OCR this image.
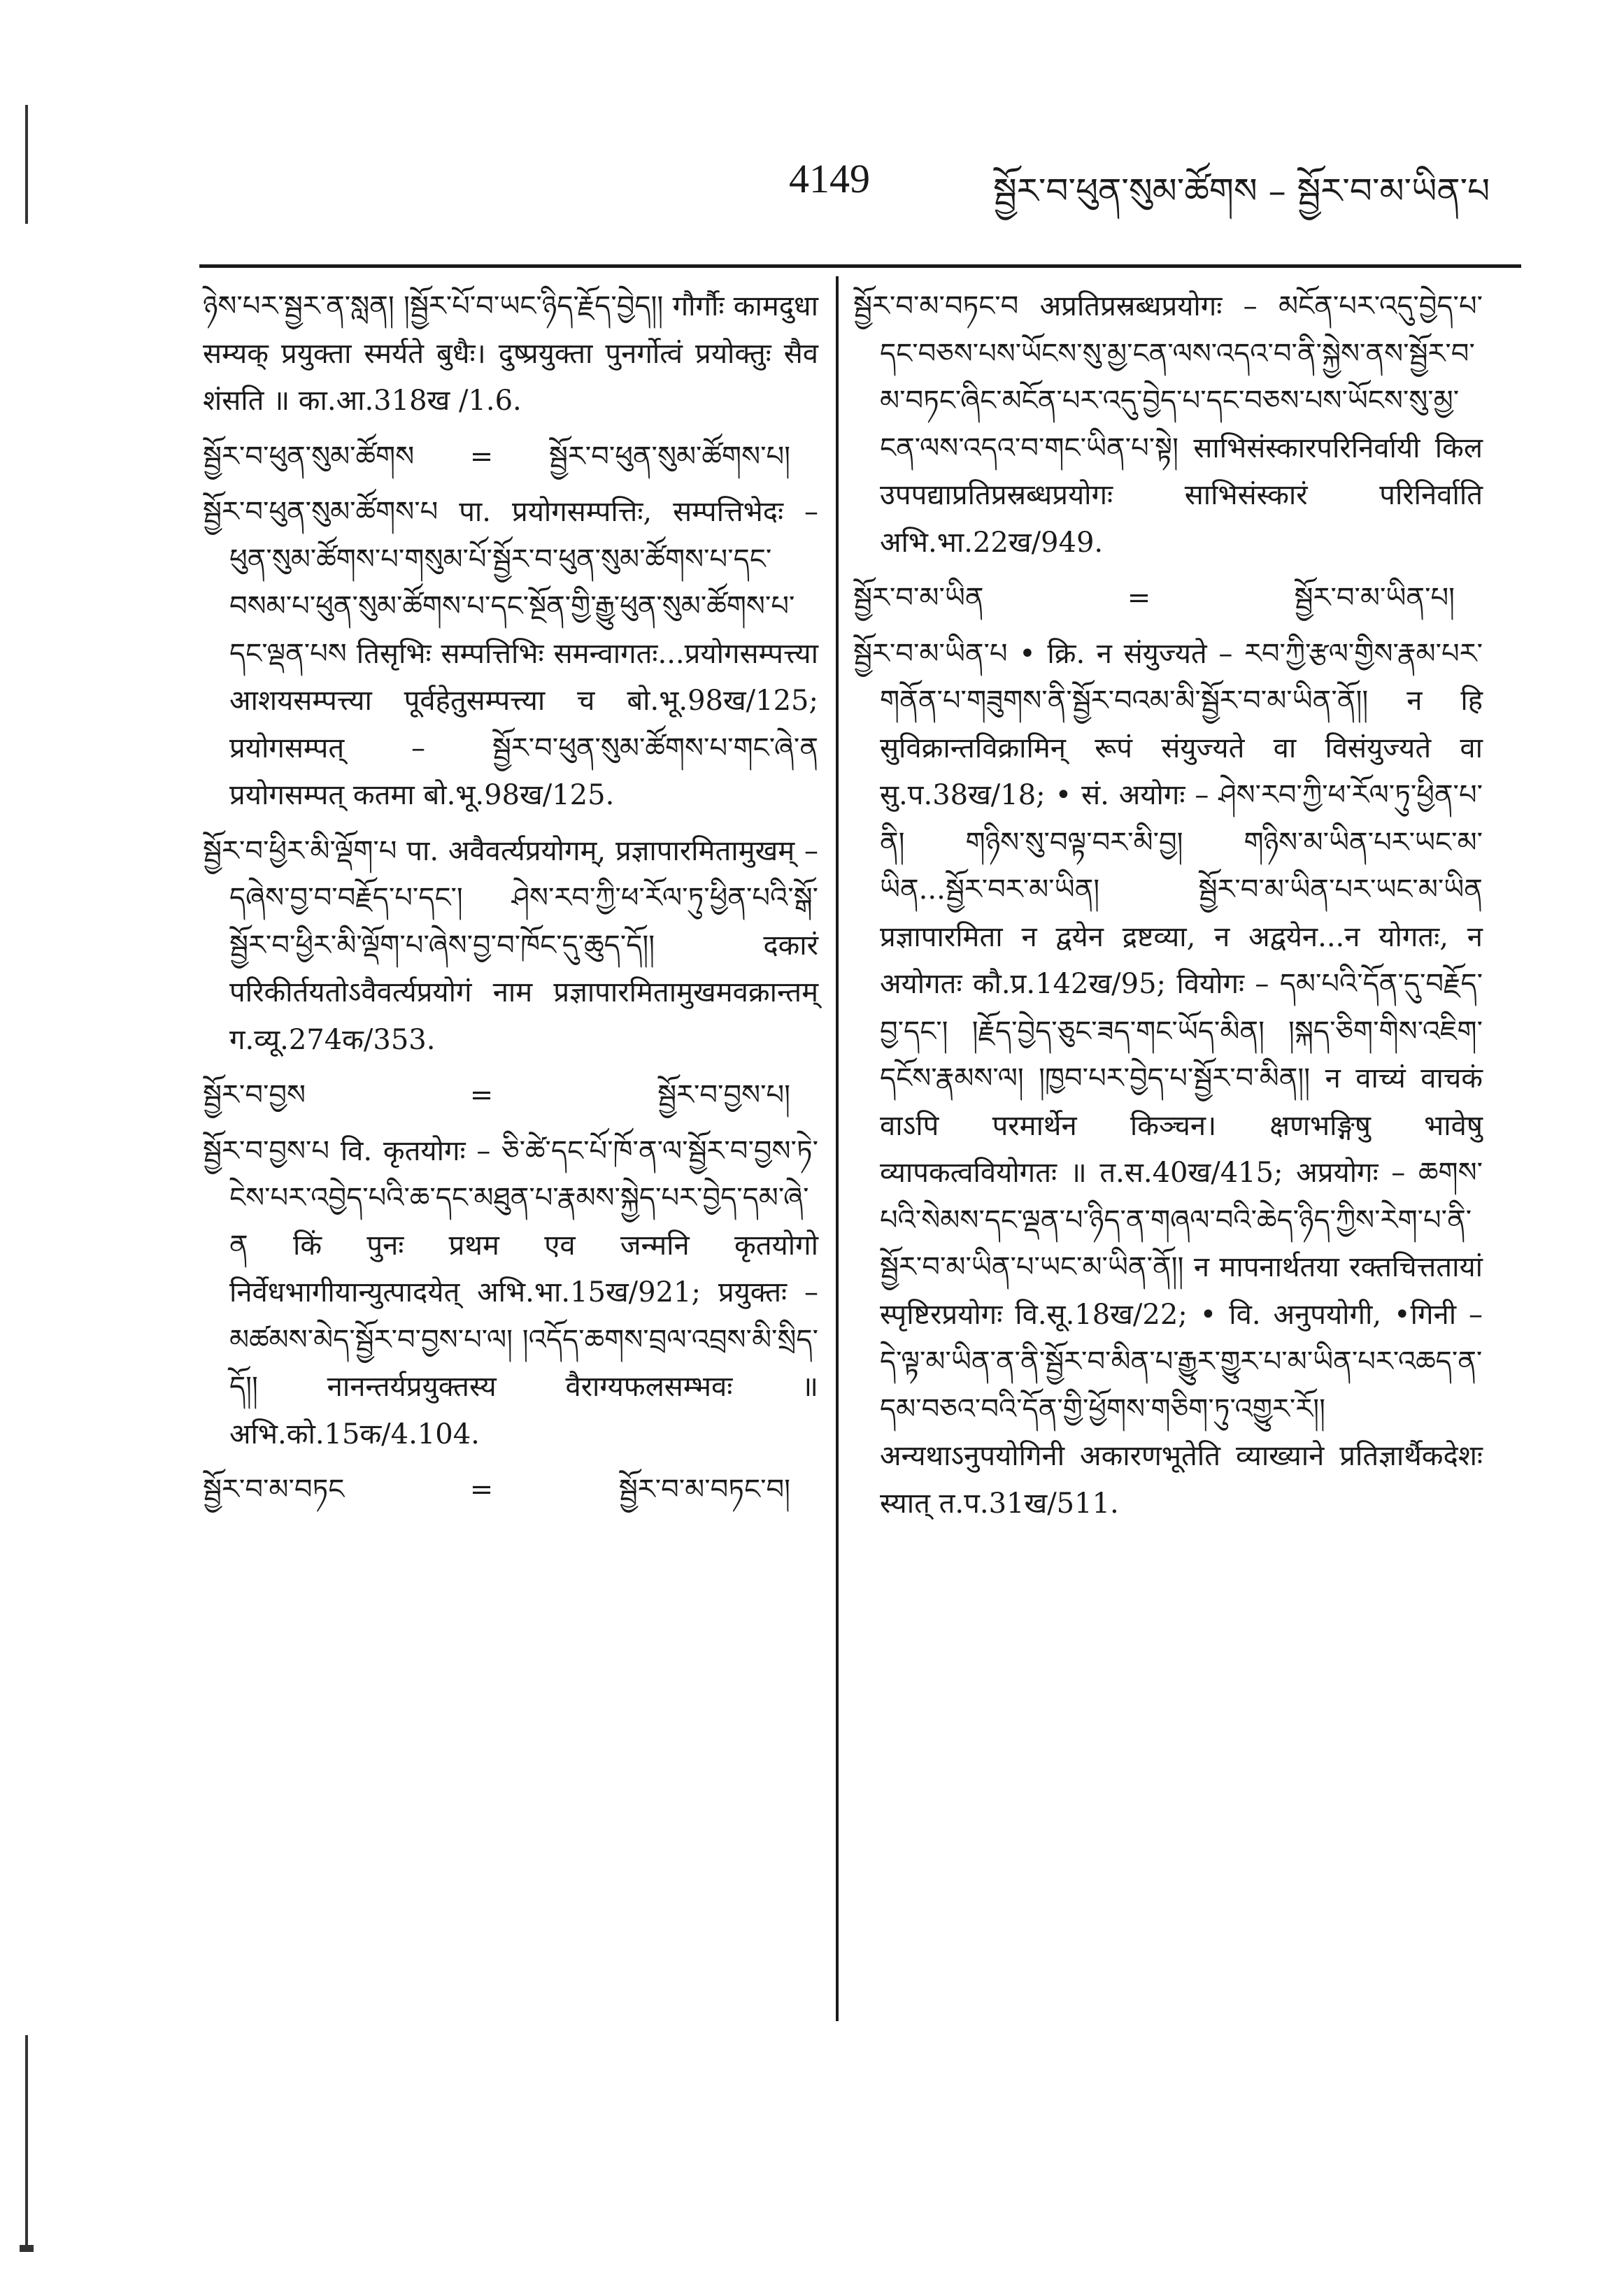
4149	སྦྱོར་བ་ཕུན་སུམ་ཚོགས – སྦྱོར་བ་མ་ཡིན་པ

ཉེས་པར་སྦྱར་ན་སླན། །སྦྱོར་པོ་བ་ཡང་ཉིད་རྗོད་བྱེད།། गौर्गौः कामदुधा सम्यक् प्रयुक्ता स्मर्यते बुधैः। दुष्प्रयुक्ता पुनर्गोत्वं प्रयोक्तुः सैव शंसति ॥ का.आ.318ख /1.6.

སྦྱོར་བ་ཕུན་སུམ་ཚོགས = སྦྱོར་བ་ཕུན་སུམ་ཚོགས་པ།

སྦྱོར་བ་ཕུན་སུམ་ཚོགས་པ पा. प्रयोगसम्पत्तिः, सम्पत्तिभेदः – ཕུན་སུམ་ཚོགས་པ་གསུམ་པོ་སྦྱོར་བ་ཕུན་སུམ་ཚོགས་པ་དང་བསམ་པ་ཕུན་སུམ་ཚོགས་པ་དང་སྔོན་གྱི་རྒྱུ་ཕུན་སུམ་ཚོགས་པ་དང་ལྡན་པས तिसृभिः सम्पत्तिभिः समन्वागतः...प्रयोगसम्पत्त्या आशयसम्पत्त्या पूर्वहेतुसम्पत्त्या च बो.भू.98ख/125; प्रयोगसम्पत् – སྦྱོར་བ་ཕུན་སུམ་ཚོགས་པ་གང་ཞེ་ན प्रयोगसम्पत् कतमा बो.भू.98ख/125.

སྦྱོར་བ་ཕྱིར་མི་ལྡོག་པ पा. अवैवर्त्यप्रयोगम्, प्रज्ञापारमितामुखम् – དཞེས་བྱ་བ་བརྗོད་པ་དང་། ཤེས་རབ་ཀྱི་ཕ་རོལ་ཏུ་ཕྱིན་པའི་སྒོ་སྦྱོར་བ་ཕྱིར་མི་ལྡོག་པ་ཞེས་བྱ་བ་ཁོང་དུ་ཆུད་དོ།། दकारं परिकीर्तयतोऽवैवर्त्यप्रयोगं नाम प्रज्ञापारमितामुखमवक्रान्तम् ग.व्यू.274क/353.

སྦྱོར་བ་བྱས	=	སྦྱོར་བ་བྱས་པ།

སྦྱོར་བ་བྱས་པ वि. कृतयोगः – ཅི་ཚེ་དང་པོ་ཁོ་ན་ལ་སྦྱོར་བ་བྱས་ཏེ་ངེས་པར་འབྱེད་པའི་ཆ་དང་མཐུན་པ་རྣམས་སྐྱེད་པར་བྱེད་དམ་ཞེ་ན किं पुनः प्रथम एव जन्मनि कृतयोगो निर्वेधभागीयान्युत्पादयेत् अभि.भा.15ख/921; प्रयुक्तः – མཚམས་མེད་སྦྱོར་བ་བྱས་པ་ལ། །འདོད་ཆགས་བྲལ་འབྲས་མི་སྲིད་དོ།། नानन्तर्यप्रयुक्तस्य वैराग्यफलसम्भवः ॥ अभि.को.15क/4.104.

སྦྱོར་བ་མ་བཏང	=	སྦྱོར་བ་མ་བཏང་བ།

སྦྱོར་བ་མ་བཏང་བ अप्रतिप्रस्रब्धप्रयोगः – མངོན་པར་འདུ་བྱེད་པ་དང་བཅས་པས་ཡོངས་སུ་མྱ་ངན་ལས་འདའ་བ་ནི་སྐྱེས་ནས་སྦྱོར་བ་མ་བཏང་ཞིང་མངོན་པར་འདུ་བྱེད་པ་དང་བཅས་པས་ཡོངས་སུ་མྱ་ངན་ལས་འདའ་བ་གང་ཡིན་པ་སྟེ། साभिसंस्कारपरिनिर्वायी किल उपपद्याप्रतिप्रस्रब्धप्रयोगः साभिसंस्कारं परिनिर्वाति अभि.भा.22ख/949.

སྦྱོར་བ་མ་ཡིན	=	སྦྱོར་བ་མ་ཡིན་པ།

སྦྱོར་བ་མ་ཡིན་པ • क्रि. न संयुज्यते – རབ་ཀྱི་རྩལ་གྱིས་རྣམ་པར་གནོན་པ་གཟུགས་ནི་སྦྱོར་བའམ་མི་སྦྱོར་བ་མ་ཡིན་ནོ།། न हि सुविक्रान्तविक्रामिन् रूपं संयुज्यते वा विसंयुज्यते वा सु.प.38ख/18; • सं. अयोगः – ཤེས་རབ་ཀྱི་ཕ་རོལ་ཏུ་ཕྱིན་པ་ནི། གཉིས་སུ་བལྟ་བར་མི་བྱ། གཉིས་མ་ཡིན་པར་ཡང་མ་ཡིན...སྦྱོར་བར་མ་ཡིན། སྦྱོར་བ་མ་ཡིན་པར་ཡང་མ་ཡིན प्रज्ञापारमिता न द्वयेन द्रष्टव्या, न अद्वयेन...न योगतः, न अयोगतः कौ.प्र.142ख/95; वियोगः – དམ་པའི་དོན་དུ་བརྗོད་བྱ་དང་། །རྗོད་བྱེད་ཅུང་ཟད་གང་ཡོད་མིན། །སྐད་ཅིག་གིས་འཇིག་དངོས་རྣམས་ལ། །ཁྱབ་པར་བྱེད་པ་སྦྱོར་བ་མིན།། न वाच्यं वाचकं वाऽपि परमार्थेन किञ्चन। क्षणभङ्गिषु भावेषु व्यापकत्ववियोगतः ॥ त.स.40ख/415; अप्रयोगः – ཆགས་པའི་སེམས་དང་ལྡན་པ་ཉིད་ན་གཞལ་བའི་ཆེད་ཉིད་ཀྱིས་རེག་པ་ནི་སྦྱོར་བ་མ་ཡིན་པ་ཡང་མ་ཡིན་ནོ།། न मापनार्थतया रक्तचित्ततायां स्पृष्टिरप्रयोगः वि.सू.18ख/22; • वि. अनुपयोगी, •गिनी – དེ་ལྟ་མ་ཡིན་ན་ནི་སྦྱོར་བ་མིན་པ་རྒྱུར་གྱུར་པ་མ་ཡིན་པར་འཆད་ན་དམ་བཅའ་བའི་དོན་གྱི་ཕྱོགས་གཅིག་ཏུ་འགྱུར་རོ།། अन्यथाऽनुपयोगिनी अकारणभूतेति व्याख्याने प्रतिज्ञार्थैकदेशः स्यात् त.प.31ख/511.
